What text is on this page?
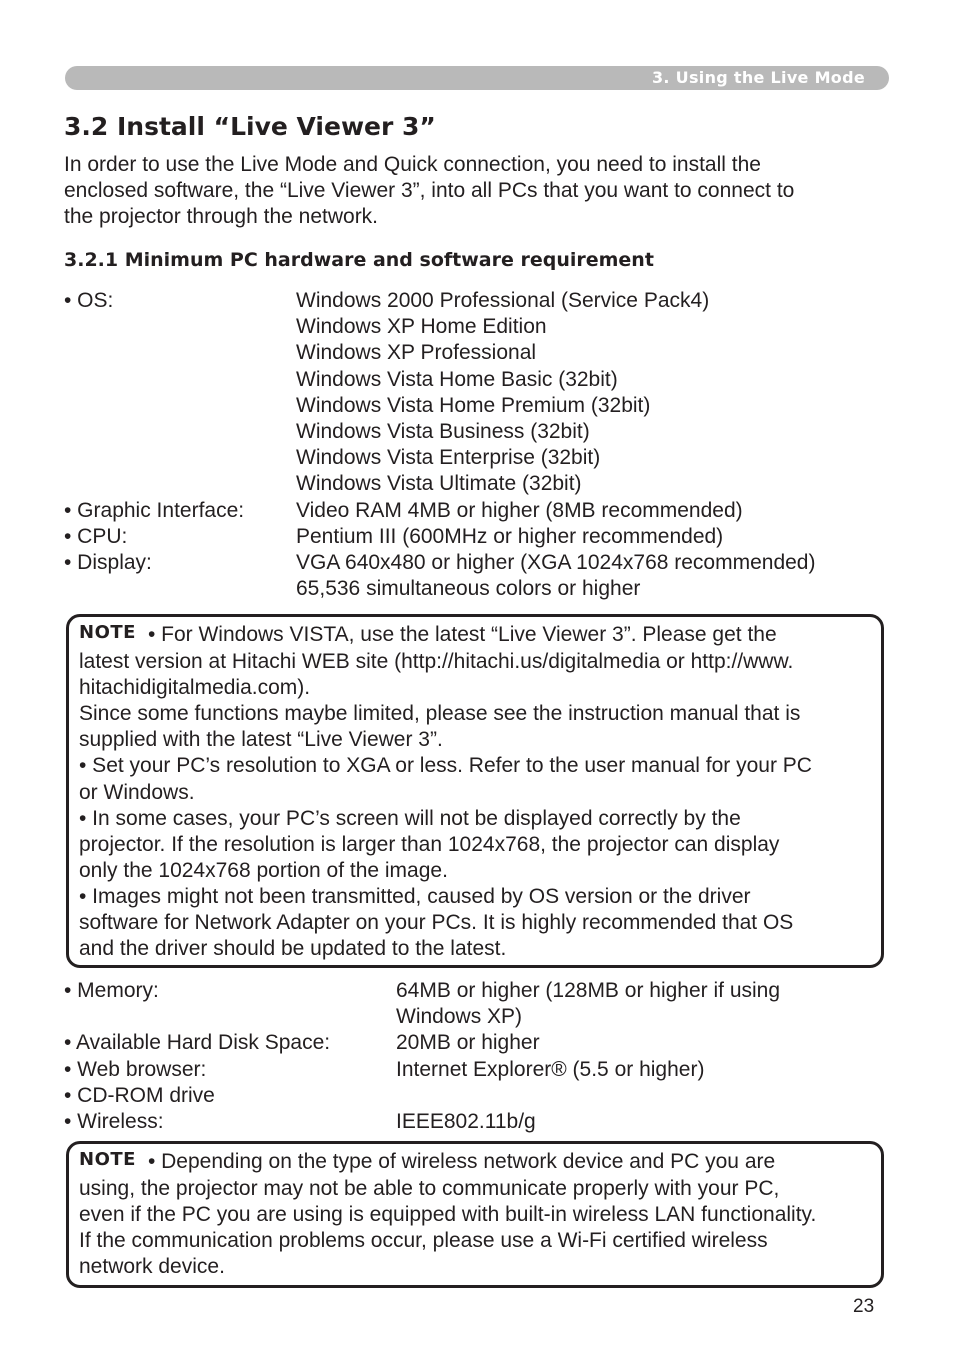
3. Using the Live Mode
3.2 Install “Live Viewer 3”
In order to use the Live Mode and Quick connection, you need to install the
enclosed software, the “Live Viewer 3”, into all PCs that you want to connect to
the projector through the network.
3.2.1 Minimum PC hardware and software requirement
• OS:	Windows 2000 Professional (Service Pack4)
Windows XP Home Edition
Windows XP Professional
Windows Vista Home Basic (32bit)
Windows Vista Home Premium (32bit)
Windows Vista Business (32bit)
Windows Vista Enterprise (32bit)
Windows Vista Ultimate (32bit)
• Graphic Interface: Video RAM 4MB or higher (8MB recommended)
• CPU:	Pentium III (600MHz or higher recommended)
• Display:	VGA 640x480 or higher (XGA 1024x768 recommended)
65,536 simultaneous colors or higher
NOTE • For Windows VISTA, use the latest “Live Viewer 3”. Please get the
latest version at Hitachi WEB site (http://hitachi.us/digitalmedia or http://www.
hitachidigitalmedia.com).
Since some functions maybe limited, please see the instruction manual that is
supplied with the latest “Live Viewer 3”.
• Set your PC’s resolution to XGA or less. Refer to the user manual for your PC
or Windows.
• In some cases, your PC’s screen will not be displayed correctly by the
projector. If the resolution is larger than 1024x768, the projector can display
only the 1024x768 portion of the image.
• Images might not been transmitted, caused by OS version or the driver
software for Network Adapter on your PCs. It is highly recommended that OS
and the driver should be updated to the latest.
• Memory:	64MB or higher (128MB or higher if using
Windows XP)
• Available Hard Disk Space:	20MB or higher
• Web browser:	Internet Explorer® (5.5 or higher)
• CD-ROM drive
• Wireless:	IEEE802.11b/g
NOTE • Depending on the type of wireless network device and PC you are
using, the projector may not be able to communicate properly with your PC,
even if the PC you are using is equipped with built-in wireless LAN functionality.
If the communication problems occur, please use a Wi-Fi certified wireless
network device.
23
